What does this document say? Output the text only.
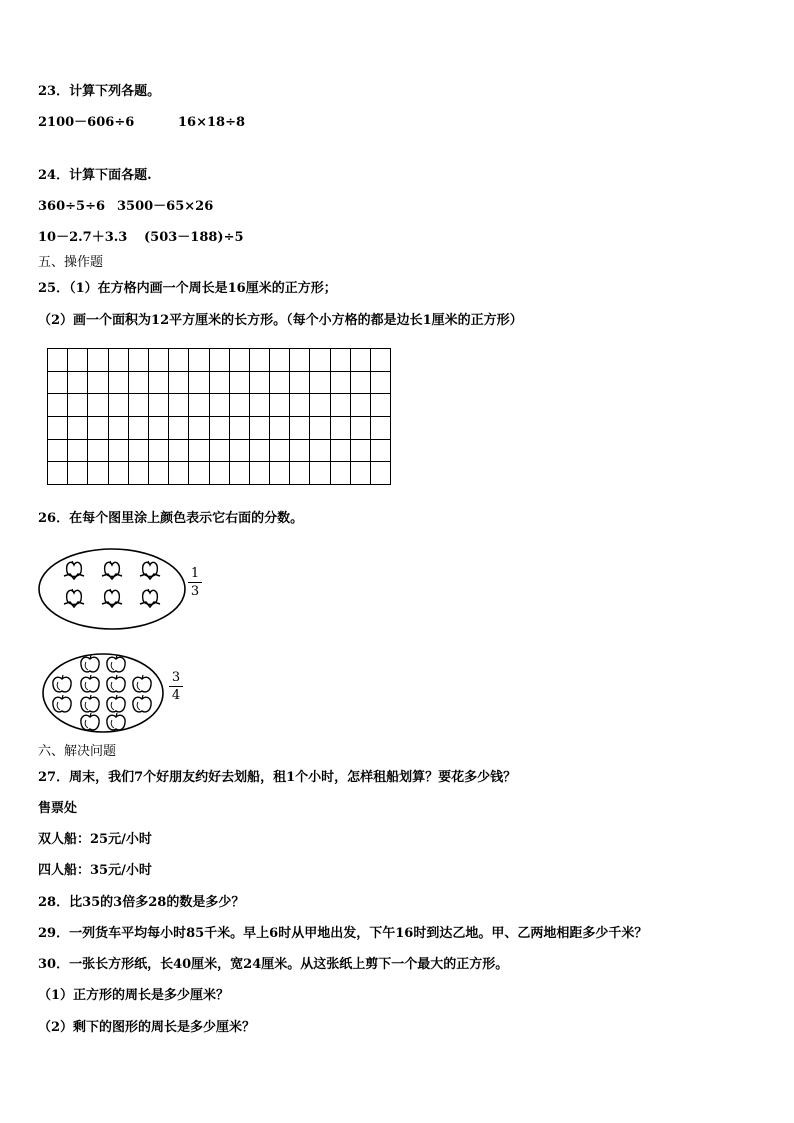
23．计算下列各题。
2100－606÷6	16×18÷8
24．计算下面各题.
360÷5÷6 3500－65×26
10－2.7＋3.3 (503－188)÷5
五、操作题
25．（1）在方格内画一个周长是16厘米的正方形；
（2）画一个面积为12平方厘米的长方形。（每个小方格的都是边长1厘米的正方形）

26．在每个图里涂上颜色表示它右面的分数。
1
3
3
4
六、解决问题
27．周末，我们7个好朋友约好去划船，租1个小时，怎样租船划算？要花多少钱？
售票处
双人船：25元/小时
四人船：35元/小时
28．比35的3倍多28的数是多少？
29．一列货车平均每小时85千米。早上6时从甲地出发，下午16时到达乙地。甲、乙两地相距多少千米？
30．一张长方形纸，长40厘米，宽24厘米。从这张纸上剪下一个最大的正方形。
（1）正方形的周长是多少厘米？
（2）剩下的图形的周长是多少厘米？
